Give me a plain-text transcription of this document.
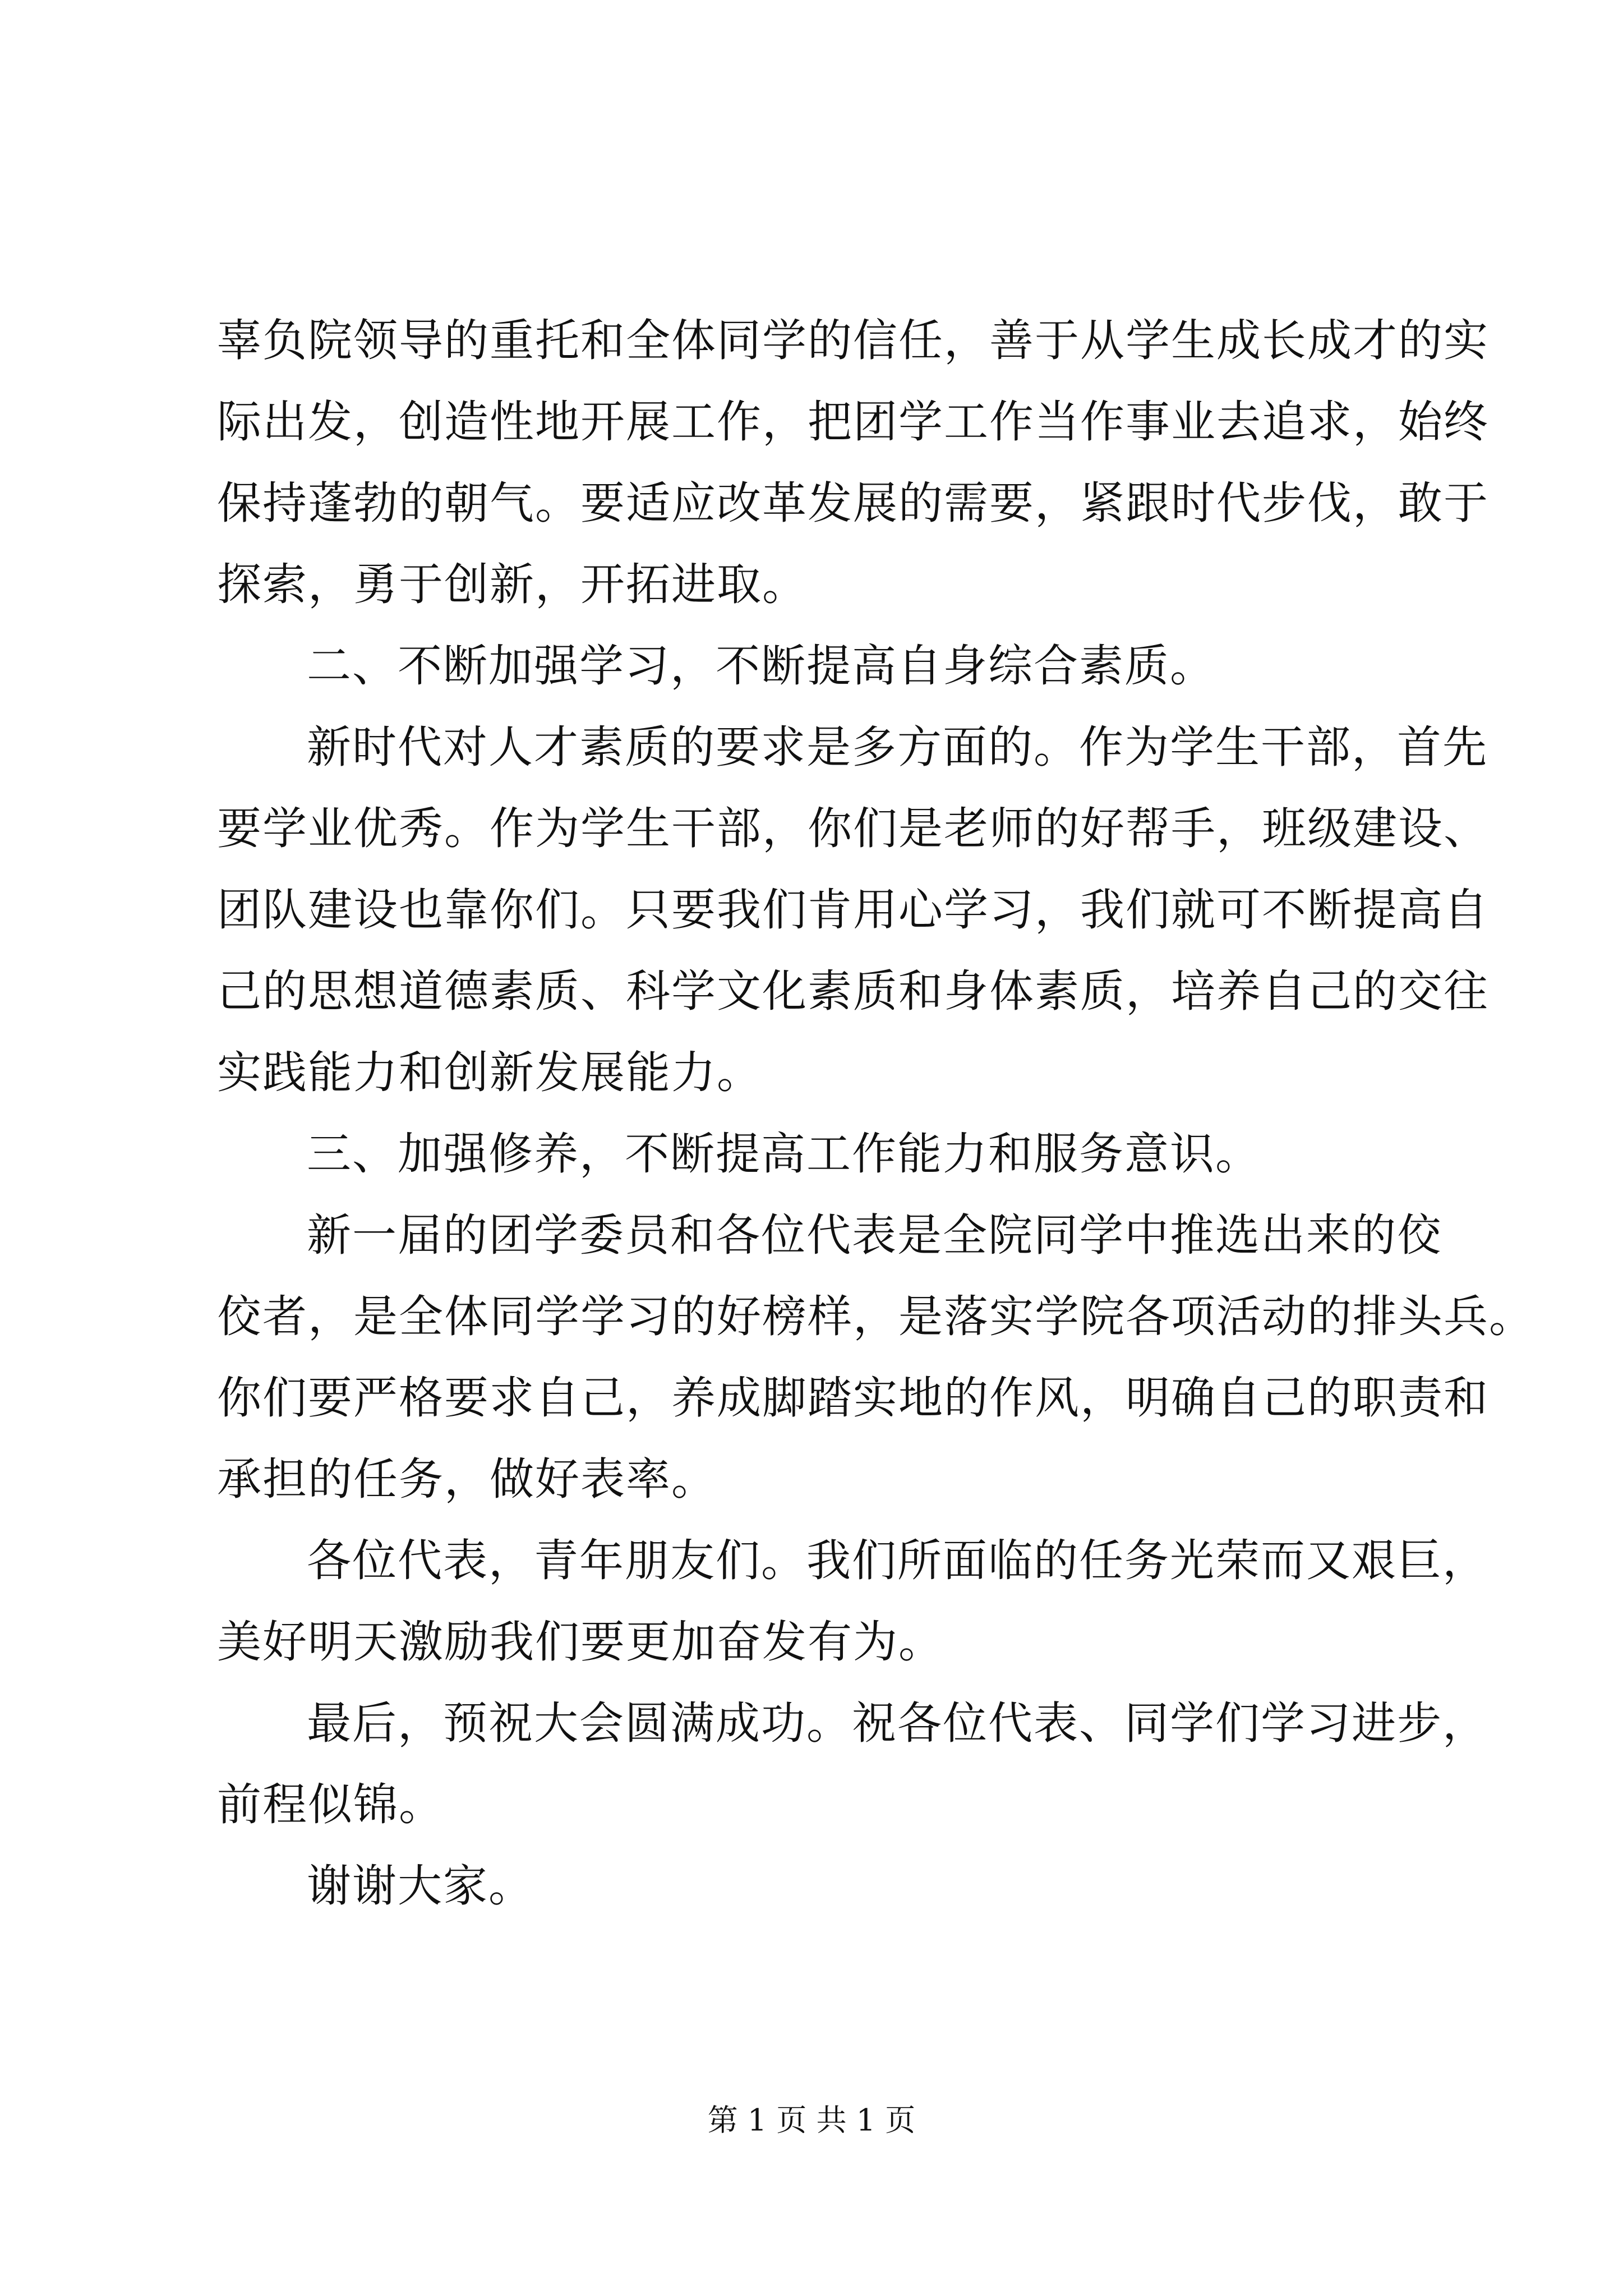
辜负院领导的重托和全体同学的信任，善于从学生成长成才的实
际出发，创造性地开展工作，把团学工作当作事业去追求，始终
保持蓬勃的朝气。要适应改革发展的需要，紧跟时代步伐，敢于
探索，勇于创新，开拓进取。
二、不断加强学习，不断提高自身综合素质。
新时代对人才素质的要求是多方面的。作为学生干部，首先
要学业优秀。作为学生干部，你们是老师的好帮手，班级建设、
团队建设也靠你们。只要我们肯用心学习，我们就可不断提高自
己的思想道德素质、科学文化素质和身体素质，培养自己的交往
实践能力和创新发展能力。
三、加强修养，不断提高工作能力和服务意识。
新一届的团学委员和各位代表是全院同学中推选出来的佼
佼者，是全体同学学习的好榜样，是落实学院各项活动的排头兵。
你们要严格要求自己，养成脚踏实地的作风，明确自己的职责和
承担的任务，做好表率。
各位代表，青年朋友们。我们所面临的任务光荣而又艰巨，
美好明天激励我们要更加奋发有为。
最后，预祝大会圆满成功。祝各位代表、同学们学习进步，
前程似锦。
谢谢大家。
第 1 页 共 1 页
